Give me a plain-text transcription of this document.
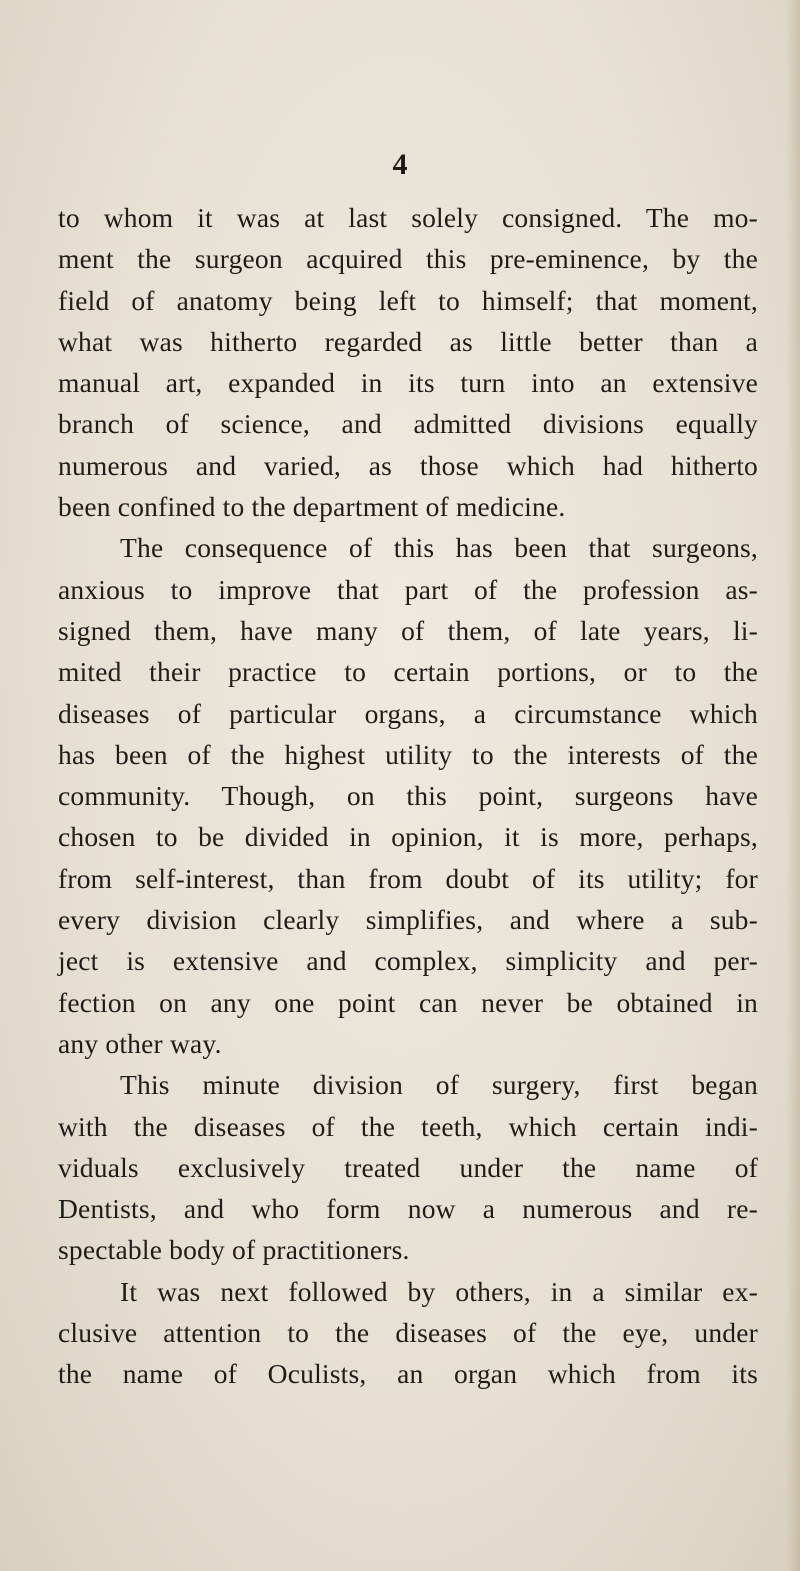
4
to whom it was at last solely consigned. The mo-
ment the surgeon acquired this pre-eminence, by the
field of anatomy being left to himself; that moment,
what was hitherto regarded as little better than a
manual art, expanded in its turn into an extensive
branch of science, and admitted divisions equally
numerous and varied, as those which had hitherto
been confined to the department of medicine.
The consequence of this has been that surgeons,
anxious to improve that part of the profession as-
signed them, have many of them, of late years, li-
mited their practice to certain portions, or to the
diseases of particular organs, a circumstance which
has been of the highest utility to the interests of the
community. Though, on this point, surgeons have
chosen to be divided in opinion, it is more, perhaps,
from self-interest, than from doubt of its utility; for
every division clearly simplifies, and where a sub-
ject is extensive and complex, simplicity and per-
fection on any one point can never be obtained in
any other way.
This minute division of surgery, first began
with the diseases of the teeth, which certain indi-
viduals exclusively treated under the name of
Dentists, and who form now a numerous and re-
spectable body of practitioners.
It was next followed by others, in a similar ex-
clusive attention to the diseases of the eye, under
the name of Oculists, an organ which from its
